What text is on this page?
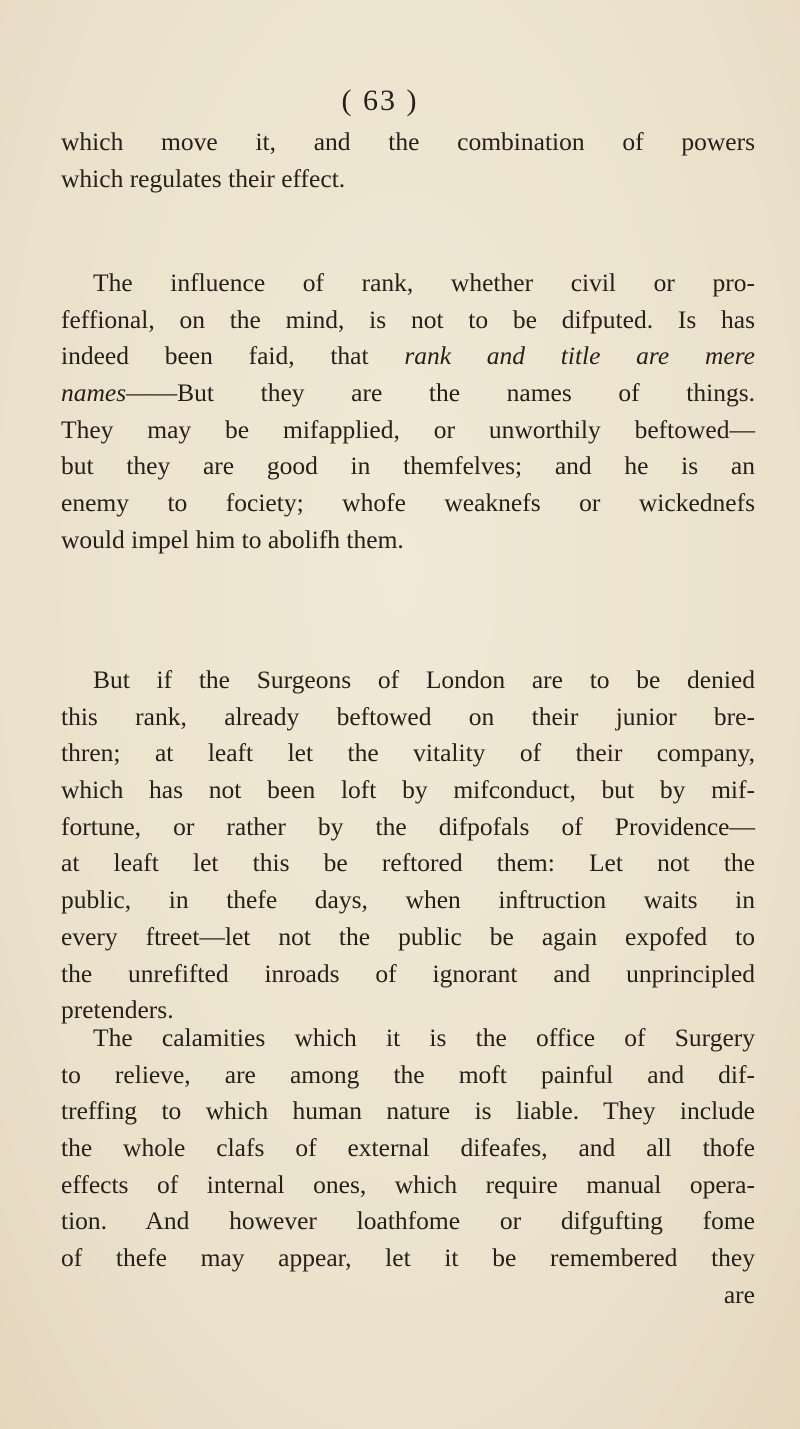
( 63 )
which move it, and the combination of powers
which regulates their effect.
The influence of rank, whether civil or pro-
feffional, on the mind, is not to be difputed. Is has
indeed been faid, that rank and title are mere
names——But they are the names of things.
They may be mifapplied, or unworthily beftowed—
but they are good in themfelves; and he is an
enemy to fociety; whofe weaknefs or wickednefs
would impel him to abolifh them.
But if the Surgeons of London are to be denied
this rank, already beftowed on their junior bre-
thren; at leaft let the vitality of their company,
which has not been loft by mifconduct, but by mif-
fortune, or rather by the difpofals of Providence—
at leaft let this be reftored them: Let not the
public, in thefe days, when inftruction waits in
every ftreet—let not the public be again expofed to
the unrefifted inroads of ignorant and unprincipled
pretenders.
The calamities which it is the office of Surgery
to relieve, are among the moft painful and dif-
treffing to which human nature is liable. They include
the whole clafs of external difeafes, and all thofe
effects of internal ones, which require manual opera-
tion. And however loathfome or difgufting fome
of thefe may appear, let it be remembered they
are
